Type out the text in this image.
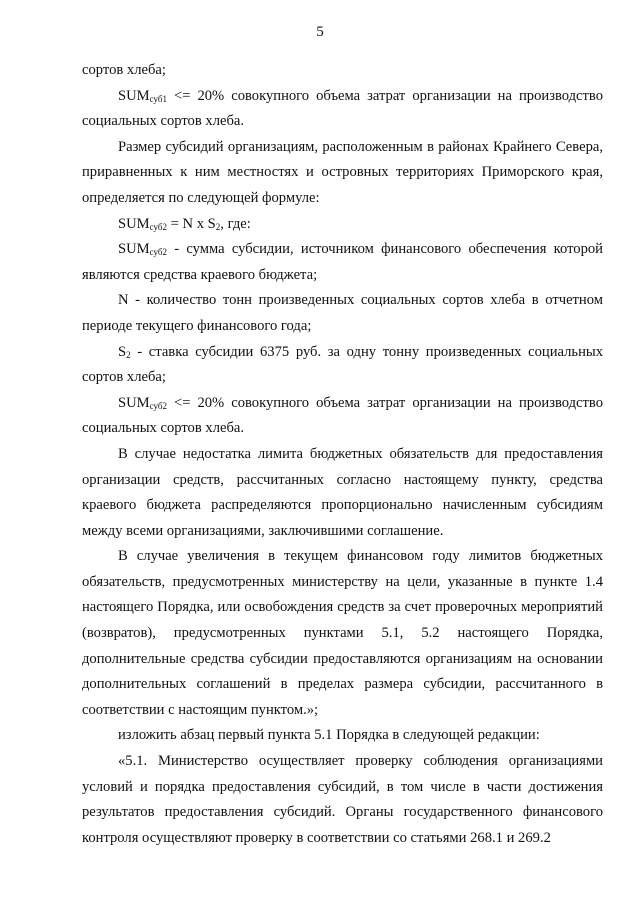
5

сортов хлеба;

$SUM_{суб1} <= 20\%$ совокупного объема затрат организации на производство социальных сортов хлеба.

Размер субсидий организациям, расположенным в районах Крайнего Севера, приравненных к ним местностях и островных территориях Приморского края, определяется по следующей формуле:

$SUM_{суб2} = N$ x $S_2$, где:

$SUM_{суб2}$ - сумма субсидии, источником финансового обеспечения которой являются средства краевого бюджета;

N - количество тонн произведенных социальных сортов хлеба в отчетном периоде текущего финансового года;

$S_2$ - ставка субсидии 6375 руб. за одну тонну произведенных социальных сортов хлеба;

$SUM_{суб2} <= 20\%$ совокупного объема затрат организации на производство социальных сортов хлеба.

В случае недостатка лимита бюджетных обязательств для предоставления организации средств, рассчитанных согласно настоящему пункту, средства краевого бюджета распределяются пропорционально начисленным субсидиям между всеми организациями, заключившими соглашение.

В случае увеличения в текущем финансовом году лимитов бюджетных обязательств, предусмотренных министерству на цели, указанные в пункте 1.4 настоящего Порядка, или освобождения средств за счет проверочных мероприятий (возвратов), предусмотренных пунктами 5.1, 5.2 настоящего Порядка, дополнительные средства субсидии предоставляются организациям на основании дополнительных соглашений в пределах размера субсидии, рассчитанного в соответствии с настоящим пунктом.»;

изложить абзац первый пункта 5.1 Порядка в следующей редакции:

«5.1. Министерство осуществляет проверку соблюдения организациями условий и порядка предоставления субсидий, в том числе в части достижения результатов предоставления субсидий. Органы государственного финансового контроля осуществляют проверку в соответствии со статьями 268.1 и 269.2
